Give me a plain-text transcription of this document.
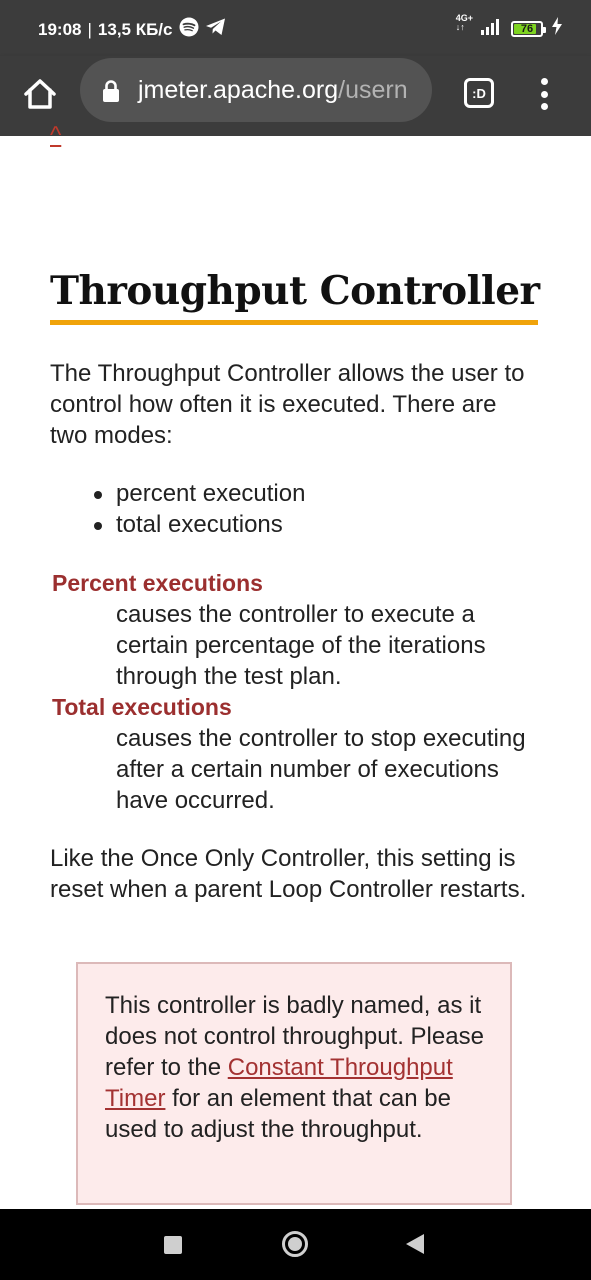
19:08 | 13,5 КБ/с
4G+
↓↑	76
jmeter.apache.org/usern	:D
^
Throughput Controller

The Throughput Controller allows the user to control how often it is executed. There are two modes:

percent execution
total executions
Percent executions
causes the controller to execute a certain percentage of the iterations through the test plan.
Total executions
causes the controller to stop executing after a certain number of executions have occurred.

Like the Once Only Controller, this setting is reset when a parent Loop Controller restarts.

This controller is badly named, as it does not control throughput. Please refer to the Constant Throughput Timer for an element that can be used to adjust the throughput.
